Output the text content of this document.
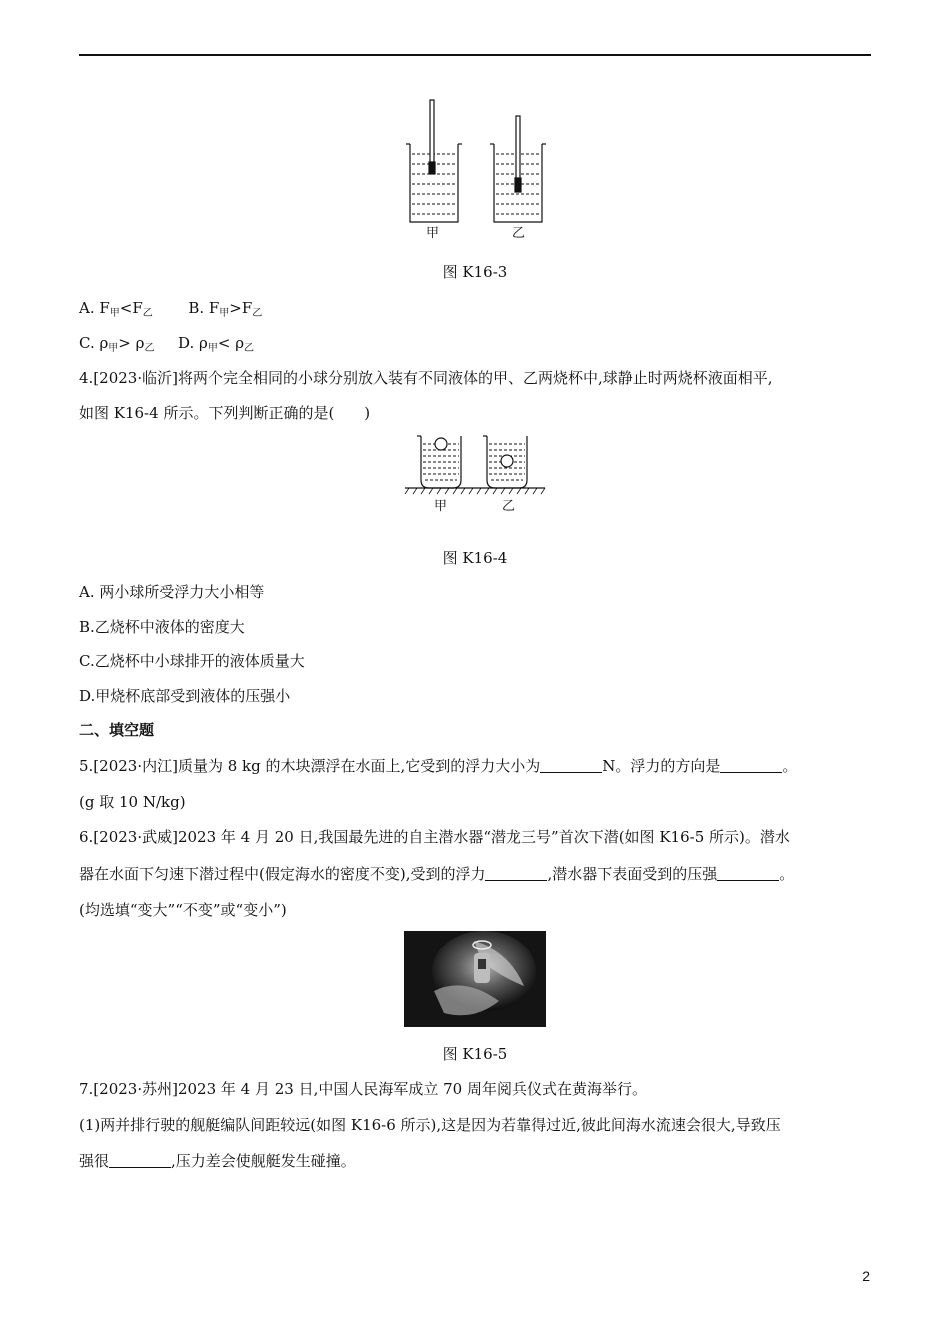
甲	乙
图 K16-3
A. $F_甲<F_乙$ B. $F_甲>F_乙$
C. $\rho_甲> \rho_乙$ D. $\rho_甲< \rho_乙$
4.[2023·临沂]将两个完全相同的小球分别放入装有不同液体的甲、乙两烧杯中,球静止时两烧杯液面相平,
如图 K16-4 所示。下列判断正确的是(　　)
甲	乙
图 K16-4
A. 两小球所受浮力大小相等
B.乙烧杯中液体的密度大
C.乙烧杯中小球排开的液体质量大
D.甲烧杯底部受到液体的压强小
二、填空题
5.[2023·内江]质量为 8 kg 的木块漂浮在水面上,它受到的浮力大小为	N。浮力的方向是	。
(g 取 10 N/kg)
6.[2023·武威]2023 年 4 月 20 日,我国最先进的自主潜水器“潜龙三号”首次下潜(如图 K16-5 所示)。潜水
器在水面下匀速下潜过程中(假定海水的密度不变),受到的浮力	,潜水器下表面受到的压强	。
(均选填“变大”“不变”或“变小”)
图 K16-5
7.[2023·苏州]2023 年 4 月 23 日,中国人民海军成立 70 周年阅兵仪式在黄海举行。
(1)两并排行驶的舰艇编队间距较远(如图 K16-6 所示),这是因为若靠得过近,彼此间海水流速会很大,导致压
强很	,压力差会使舰艇发生碰撞。
2
